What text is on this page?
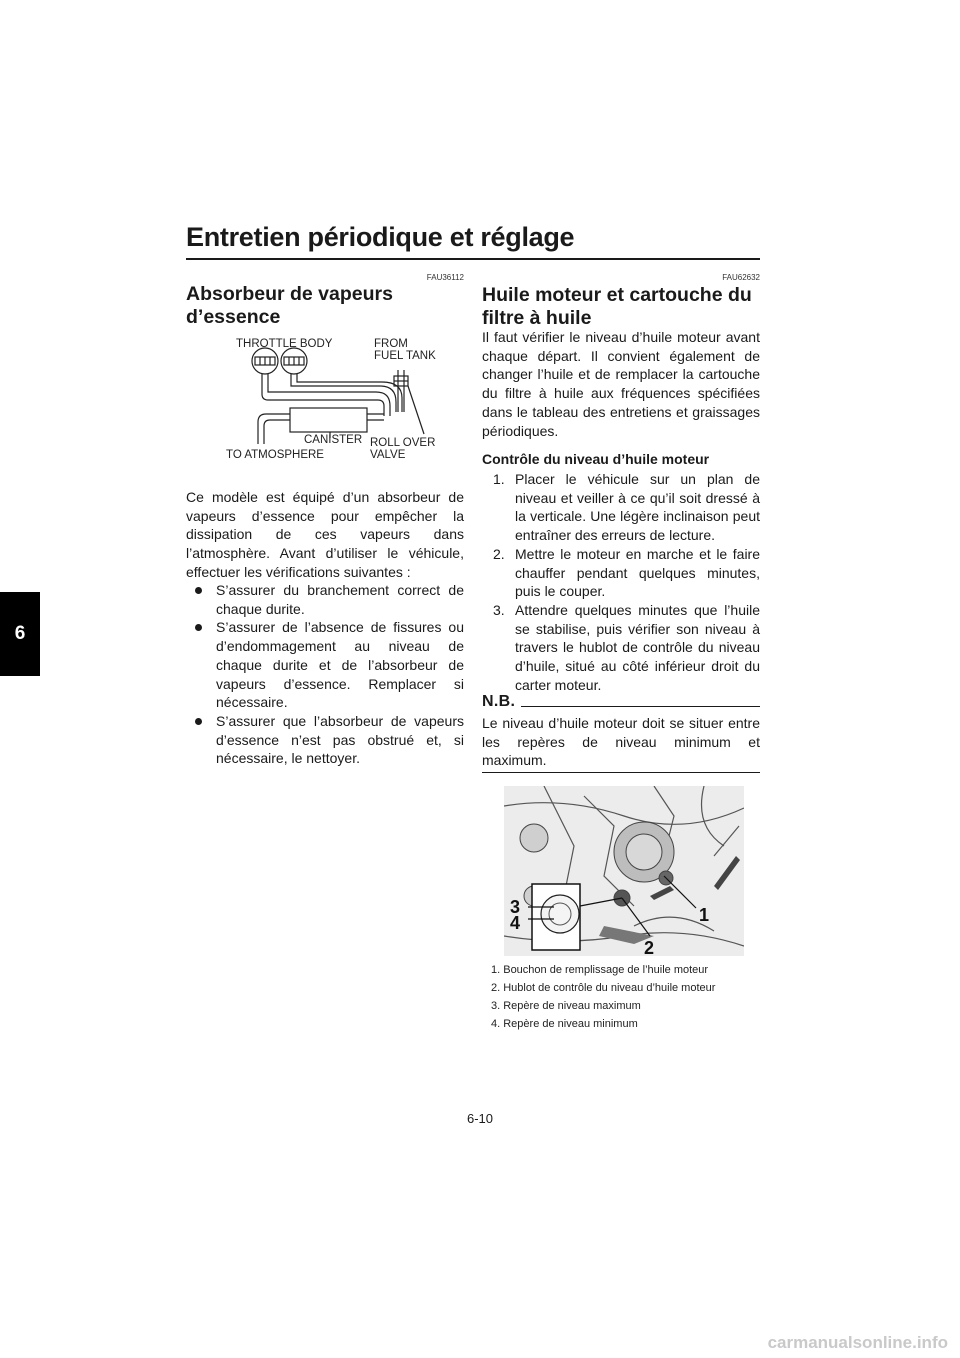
Entretien périodique et réglage
6
FAU36112
Absorbeur de vapeurs d’essence
THROTTLE BODY	FROM
FUEL TANK
CANISTER ROLL OVER
VALVE
TO ATMOSPHERE

Ce modèle est équipé d’un absorbeur de vapeurs d’essence pour empêcher la dissipation de ces vapeurs dans l’atmosphère. Avant d’utiliser le véhicule, effectuer les vérifications suivantes :

S’assurer du branchement correct de chaque durite.
S’assurer de l’absence de fissures ou d’endommagement au niveau de chaque durite et de l’absorbeur de vapeurs d’essence. Remplacer si nécessaire.
S’assurer que l’absorbeur de vapeurs d’essence n’est pas obstrué et, si nécessaire, le nettoyer.
FAU62632
Huile moteur et cartouche du
filtre à huile

Il faut vérifier le niveau d’huile moteur avant chaque départ. Il convient également de changer l’huile et de remplacer la cartouche du filtre à huile aux fréquences spécifiées dans le tableau des entretiens et graissages périodiques.

Contrôle du niveau d’huile moteur

1. Placer le véhicule sur un plan de niveau et veiller à ce qu’il soit dressé à la verticale. Une légère inclinaison peut entraîner des erreurs de lecture.
2. Mettre le moteur en marche et le faire chauffer pendant quelques minutes, puis le couper.
3. Attendre quelques minutes que l’huile se stabilise, puis vérifier son niveau à travers le hublot de contrôle du niveau d’huile, situé au côté inférieur droit du carter moteur.
N.B.

Le niveau d’huile moteur doit se situer entre les repères de niveau minimum et maximum.

1
2
3
4
1. Bouchon de remplissage de l’huile moteur
2. Hublot de contrôle du niveau d’huile moteur
3. Repère de niveau maximum
4. Repère de niveau minimum
6-10
carmanualsonline.info
